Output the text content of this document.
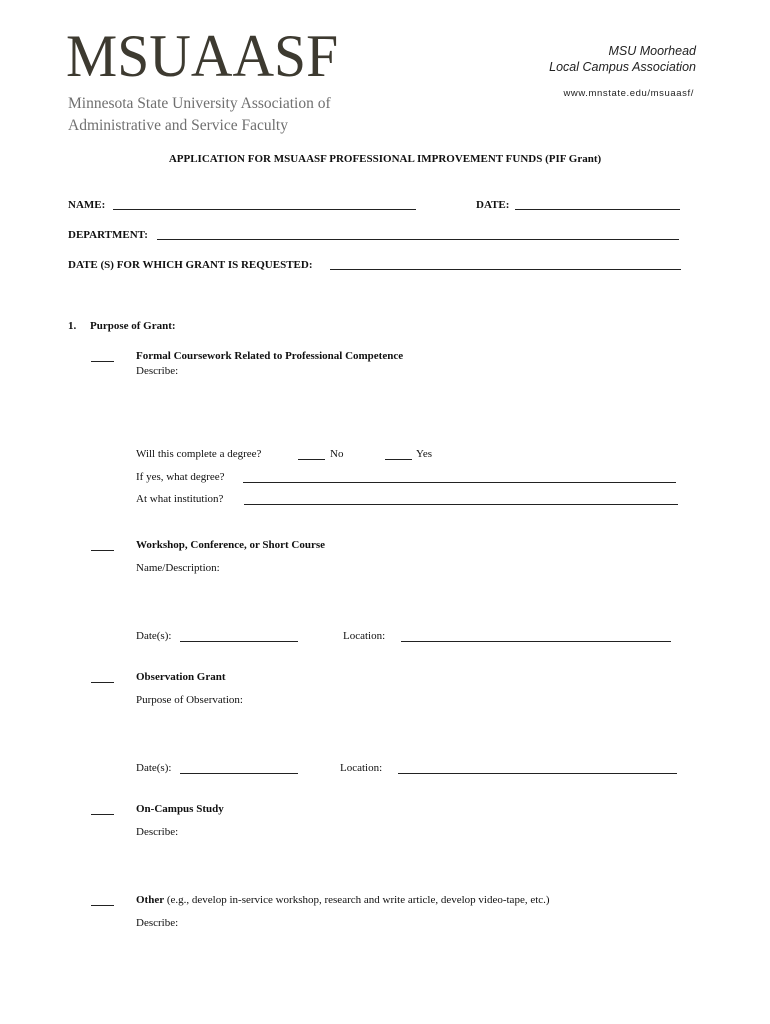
MSUAASF
Minnesota State University Association of
Administrative and Service Faculty
MSU Moorhead
Local Campus Association
www.mnstate.edu/msuaasf/
APPLICATION FOR MSUAASF PROFESSIONAL IMPROVEMENT FUNDS (PIF Grant)
NAME:	DATE:
DEPARTMENT:
DATE (S) FOR WHICH GRANT IS REQUESTED:
1. Purpose of Grant:
Formal Coursework Related to Professional Competence
Describe:
Will this complete a degree?	No	Yes
If yes, what degree?
At what institution?
Workshop, Conference, or Short Course
Name/Description:
Date(s):	Location:
Observation Grant
Purpose of Observation:
Date(s):	Location:
On-Campus Study
Describe:
Other (e.g., develop in-service workshop, research and write article, develop video-tape, etc.)
Describe:
